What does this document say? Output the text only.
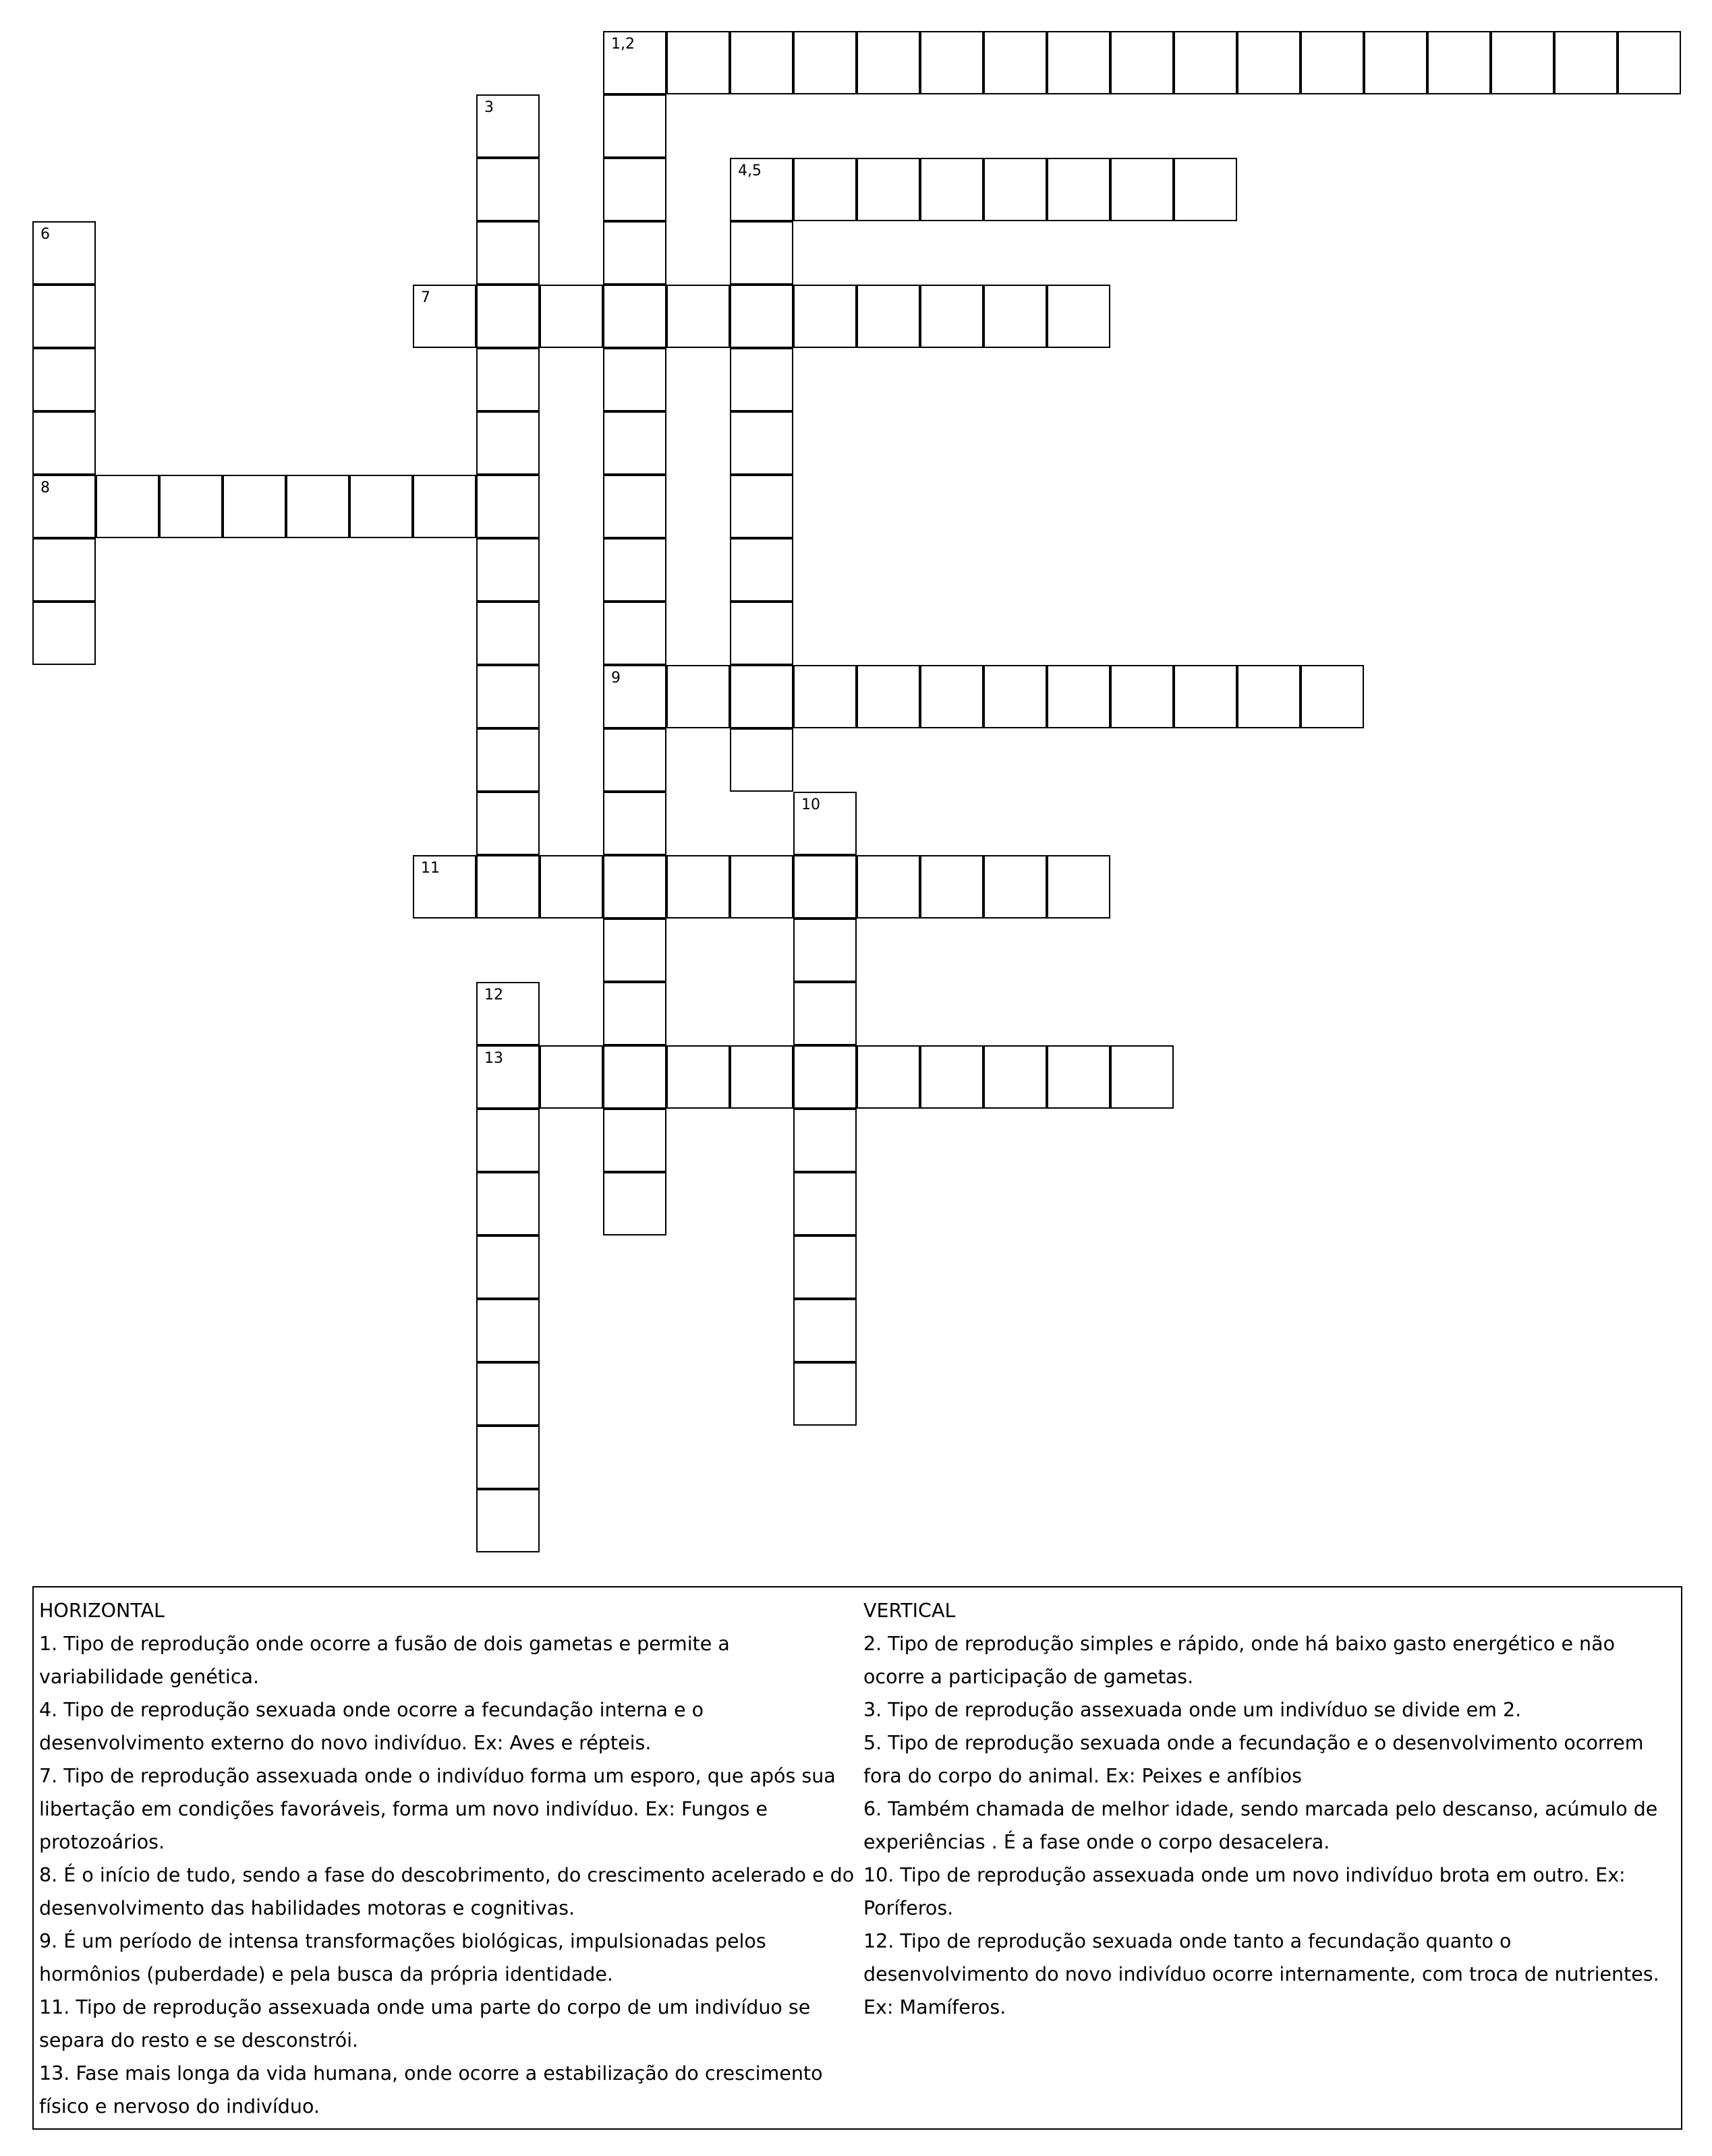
1,2
9
3
4,5
6
8
7
10
11
12
13
HORIZONTAL
1. Tipo de reprodução onde ocorre a fusão de dois gametas e permite a variabilidade genética.
4. Tipo de reprodução sexuada onde ocorre a fecundação interna e o desenvolvimento externo do novo indivíduo. Ex: Aves e répteis.
7. Tipo de reprodução assexuada onde o indivíduo forma um esporo, que após sua libertação em condições favoráveis, forma um novo indivíduo. Ex: Fungos e protozoários.
8. É o início de tudo, sendo a fase do descobrimento, do crescimento acelerado e do desenvolvimento das habilidades motoras e cognitivas.
9. É um período de intensa transformações biológicas, impulsionadas pelos hormônios (puberdade) e pela busca da própria identidade.
11. Tipo de reprodução assexuada onde uma parte do corpo de um indivíduo se separa do resto e se desconstrói.
13. Fase mais longa da vida humana, onde ocorre a estabilização do crescimento físico e nervoso do indivíduo.
VERTICAL
2. Tipo de reprodução simples e rápido, onde há baixo gasto energético e não ocorre a participação de gametas.
3. Tipo de reprodução assexuada onde um indivíduo se divide em 2.
5. Tipo de reprodução sexuada onde a fecundação e o desenvolvimento ocorrem fora do corpo do animal. Ex: Peixes e anfíbios
6. Também chamada de melhor idade, sendo marcada pelo descanso, acúmulo de experiências . É a fase onde o corpo desacelera.
10. Tipo de reprodução assexuada onde um novo indivíduo brota em outro. Ex: Poríferos.
12. Tipo de reprodução sexuada onde tanto a fecundação quanto o desenvolvimento do novo indivíduo ocorre internamente, com troca de nutrientes. Ex: Mamíferos.
